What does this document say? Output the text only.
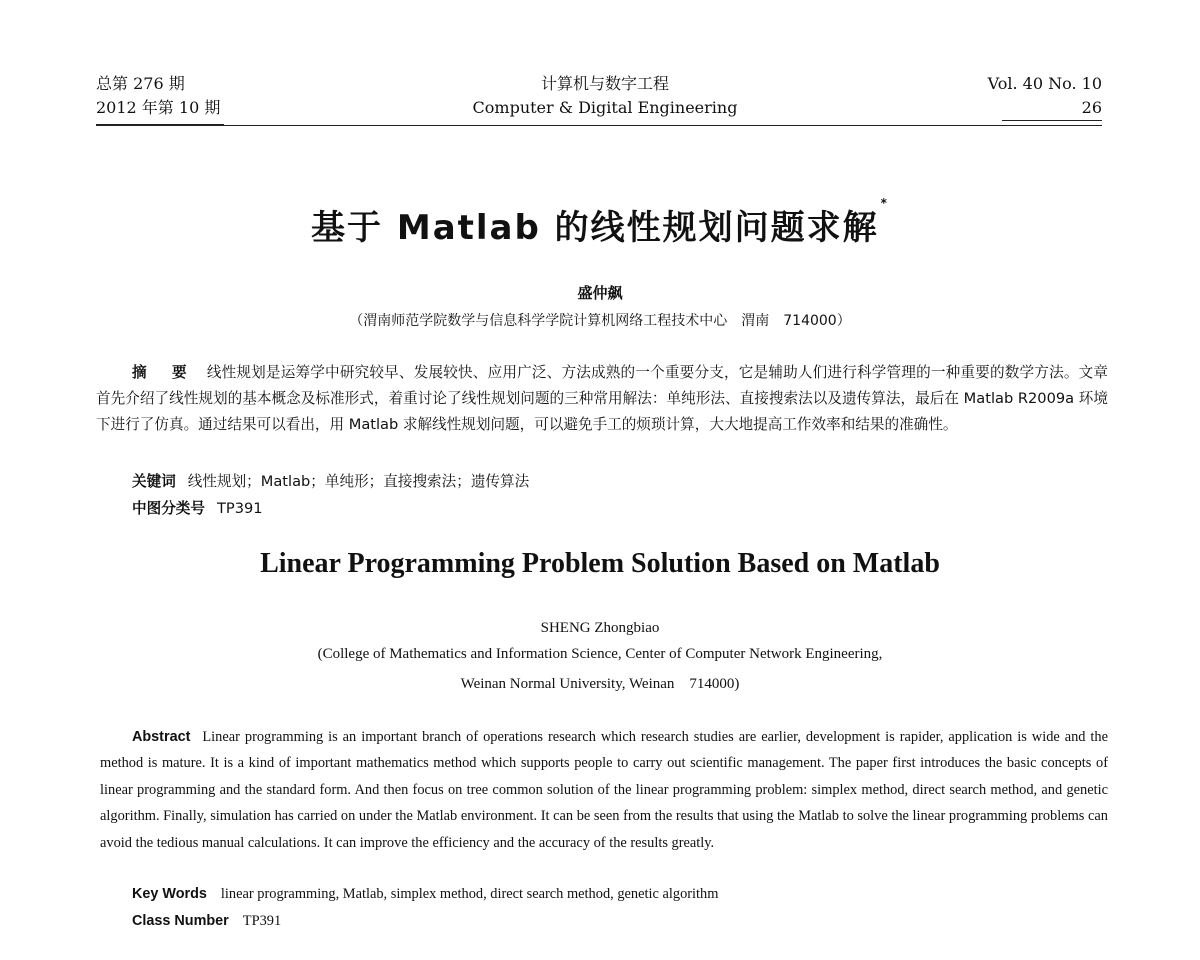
总第 276 期
2012 年第 10 期
计算机与数字工程
Computer & Digital Engineering
Vol. 40 No. 10
26
基于 Matlab 的线性规划问题求解*
盛仲飙
（渭南师范学院数学与信息科学学院计算机网络工程技术中心　渭南　714000）
摘 要 线性规划是运筹学中研究较早、发展较快、应用广泛、方法成熟的一个重要分支，它是辅助人们进行科学管理的一种重要的数学方法。文章首先介绍了线性规划的基本概念及标准形式，着重讨论了线性规划问题的三种常用解法：单纯形法、直接搜索法以及遗传算法，最后在 Matlab R2009a 环境下进行了仿真。通过结果可以看出，用 Matlab 求解线性规划问题，可以避免手工的烦琐计算，大大地提高工作效率和结果的准确性。
关键词 线性规划；Matlab；单纯形；直接搜索法；遗传算法
中图分类号 TP391
Linear Programming Problem Solution Based on Matlab
SHENG Zhongbiao
(College of Mathematics and Information Science, Center of Computer Network Engineering,
Weinan Normal University, Weinan　714000)
Abstract Linear programming is an important branch of operations research which research studies are earlier, development is rapider, application is wide and the method is mature. It is a kind of important mathematics method which supports people to carry out scientific management. The paper first introduces the basic concepts of linear programming and the standard form. And then focus on tree common solution of the linear programming problem: simplex method, direct search method, and genetic algorithm. Finally, simulation has carried on under the Matlab environment. It can be seen from the results that using the Matlab to solve the linear programming problems can avoid the tedious manual calculations. It can improve the efficiency and the accuracy of the results greatly.
Key Words linear programming, Matlab, simplex method, direct search method, genetic algorithm
Class Number TP391
